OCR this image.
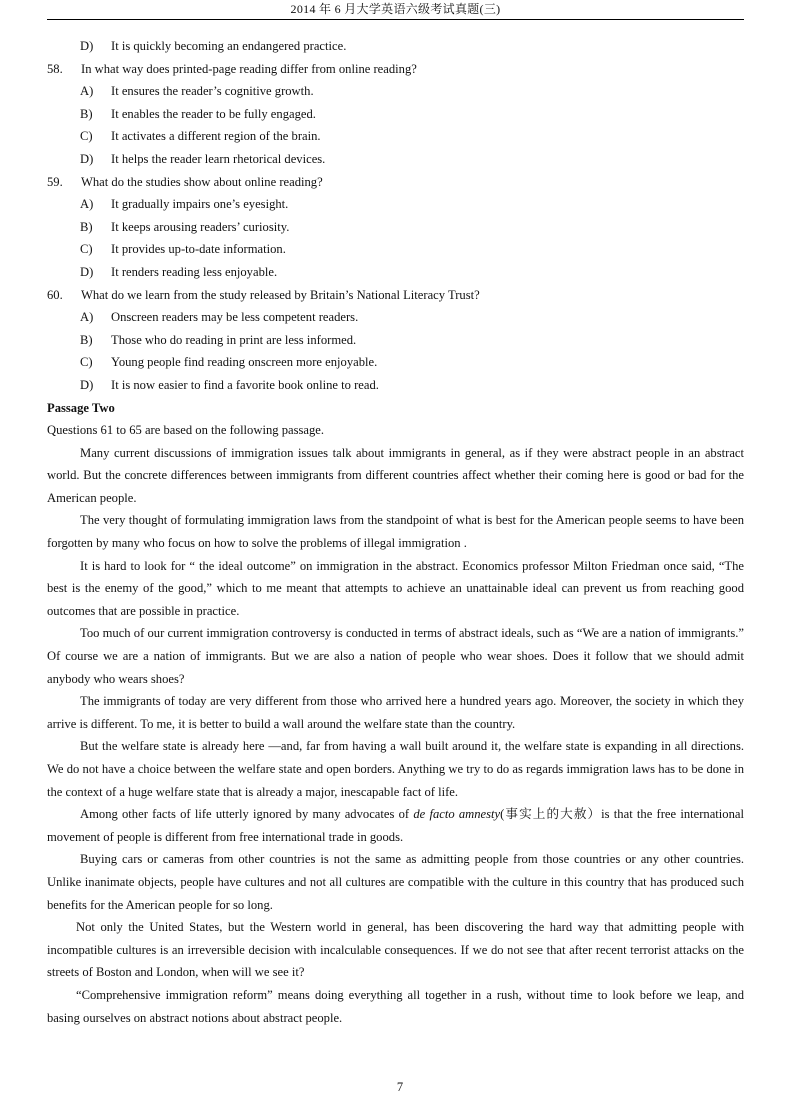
2014 年 6 月大学英语六级考试真题(三)
D) It is quickly becoming an endangered practice.
58. In what way does printed-page reading differ from online reading?
A) It ensures the reader’s cognitive growth.
B) It enables the reader to be fully engaged.
C) It activates a different region of the brain.
D) It helps the reader learn rhetorical devices.
59. What do the studies show about online reading?
A) It gradually impairs one’s eyesight.
B) It keeps arousing readers’ curiosity.
C) It provides up-to-date information.
D) It renders reading less enjoyable.
60. What do we learn from the study released by Britain’s National Literacy Trust?
A) Onscreen readers may be less competent readers.
B) Those who do reading in print are less informed.
C) Young people find reading onscreen more enjoyable.
D) It is now easier to find a favorite book online to read.
Passage Two
Questions 61 to 65 are based on the following passage.

Many current discussions of immigration issues talk about immigrants in general, as if they were abstract people in an abstract world. But the concrete differences between immigrants from different countries affect whether their coming here is good or bad for the American people.

The very thought of formulating immigration laws from the standpoint of what is best for the American people seems to have been forgotten by many who focus on how to solve the problems of illegal immigration .

It is hard to look for “ the ideal outcome” on immigration in the abstract. Economics professor Milton Friedman once said, “The best is the enemy of the good,” which to me meant that attempts to achieve an unattainable ideal can prevent us from reaching good outcomes that are possible in practice.

Too much of our current immigration controversy is conducted in terms of abstract ideals, such as “We are a nation of immigrants.” Of course we are a nation of immigrants. But we are also a nation of people who wear shoes. Does it follow that we should admit anybody who wears shoes?

The immigrants of today are very different from those who arrived here a hundred years ago. Moreover, the society in which they arrive is different. To me, it is better to build a wall around the welfare state than the country.

But the welfare state is already here —and, far from having a wall built around it, the welfare state is expanding in all directions. We do not have a choice between the welfare state and open borders. Anything we try to do as regards immigration laws has to be done in the context of a huge welfare state that is already a major, inescapable fact of life.

Among other facts of life utterly ignored by many advocates of de facto amnesty(事实上的大赦）is that the free international movement of people is different from free international trade in goods.

Buying cars or cameras from other countries is not the same as admitting people from those countries or any other countries. Unlike inanimate objects, people have cultures and not all cultures are compatible with the culture in this country that has produced such benefits for the American people for so long.

Not only the United States, but the Western world in general, has been discovering the hard way that admitting people with incompatible cultures is an irreversible decision with incalculable consequences. If we do not see that after recent terrorist attacks on the streets of Boston and London, when will we see it?

“Comprehensive immigration reform” means doing everything all together in a rush, without time to look before we leap, and basing ourselves on abstract notions about abstract people.

7
